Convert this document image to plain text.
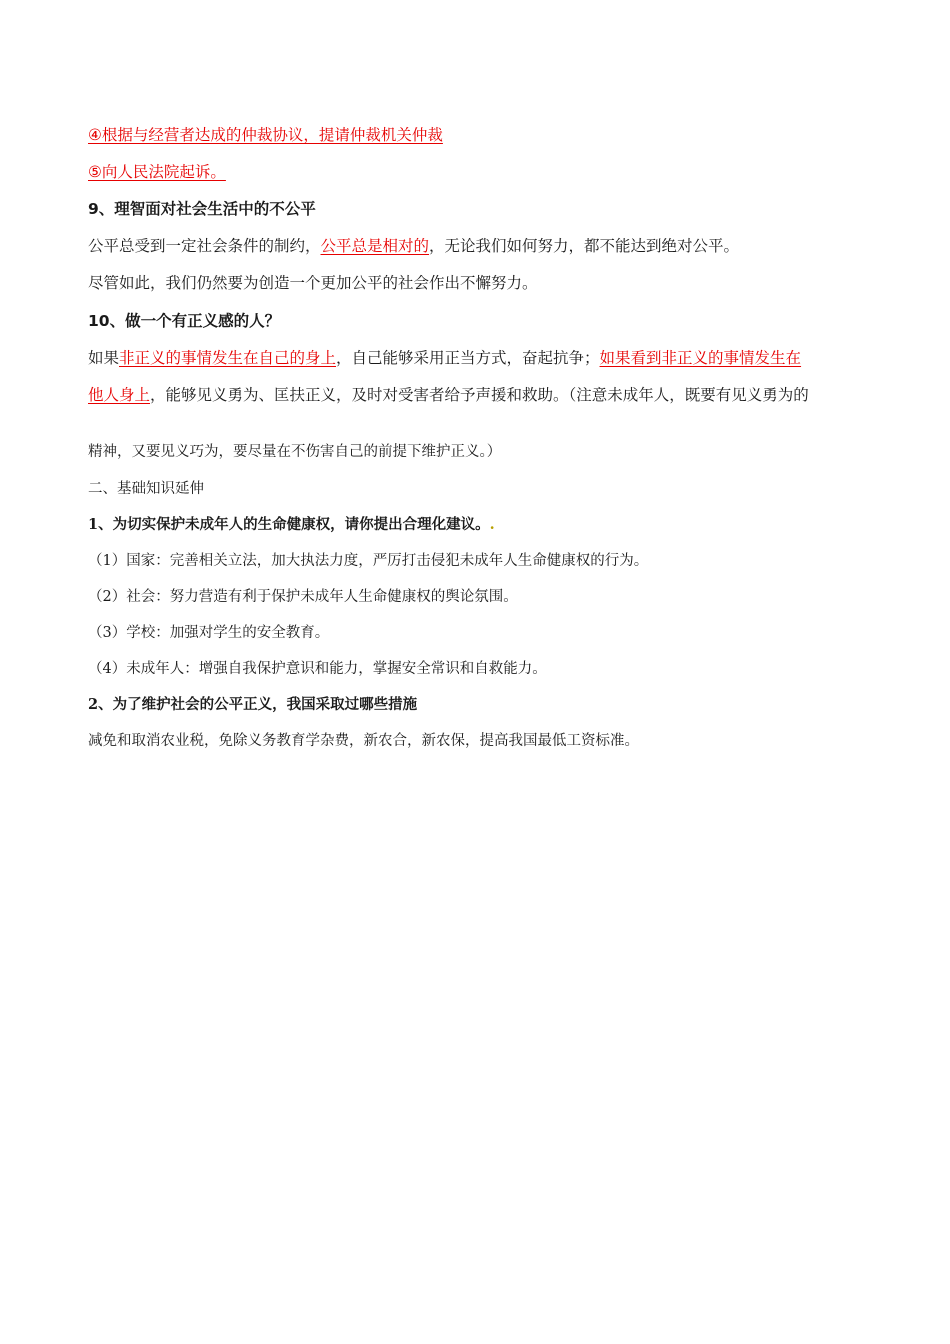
④根据与经营者达成的仲裁协议，提请仲裁机关仲裁
⑤向人民法院起诉。
9、理智面对社会生活中的不公平
公平总受到一定社会条件的制约，公平总是相对的，无论我们如何努力，都不能达到绝对公平。
尽管如此，我们仍然要为创造一个更加公平的社会作出不懈努力。
10、做一个有正义感的人？
如果非正义的事情发生在自己的身上，自己能够采用正当方式，奋起抗争；如果看到非正义的事情发生在
他人身上，能够见义勇为、匡扶正义，及时对受害者给予声援和救助。（注意未成年人，既要有见义勇为的
精神，又要见义巧为，要尽量在不伤害自己的前提下维护正义。）
二、基础知识延伸
1、为切实保护未成年人的生命健康权，请你提出合理化建议。.
（1）国家：完善相关立法，加大执法力度，严厉打击侵犯未成年人生命健康权的行为。
（2）社会：努力营造有利于保护未成年人生命健康权的舆论氛围。
（3）学校：加强对学生的安全教育。
（4）未成年人：增强自我保护意识和能力，掌握安全常识和自救能力。
2、为了维护社会的公平正义，我国采取过哪些措施
减免和取消农业税，免除义务教育学杂费，新农合，新农保，提高我国最低工资标准。
